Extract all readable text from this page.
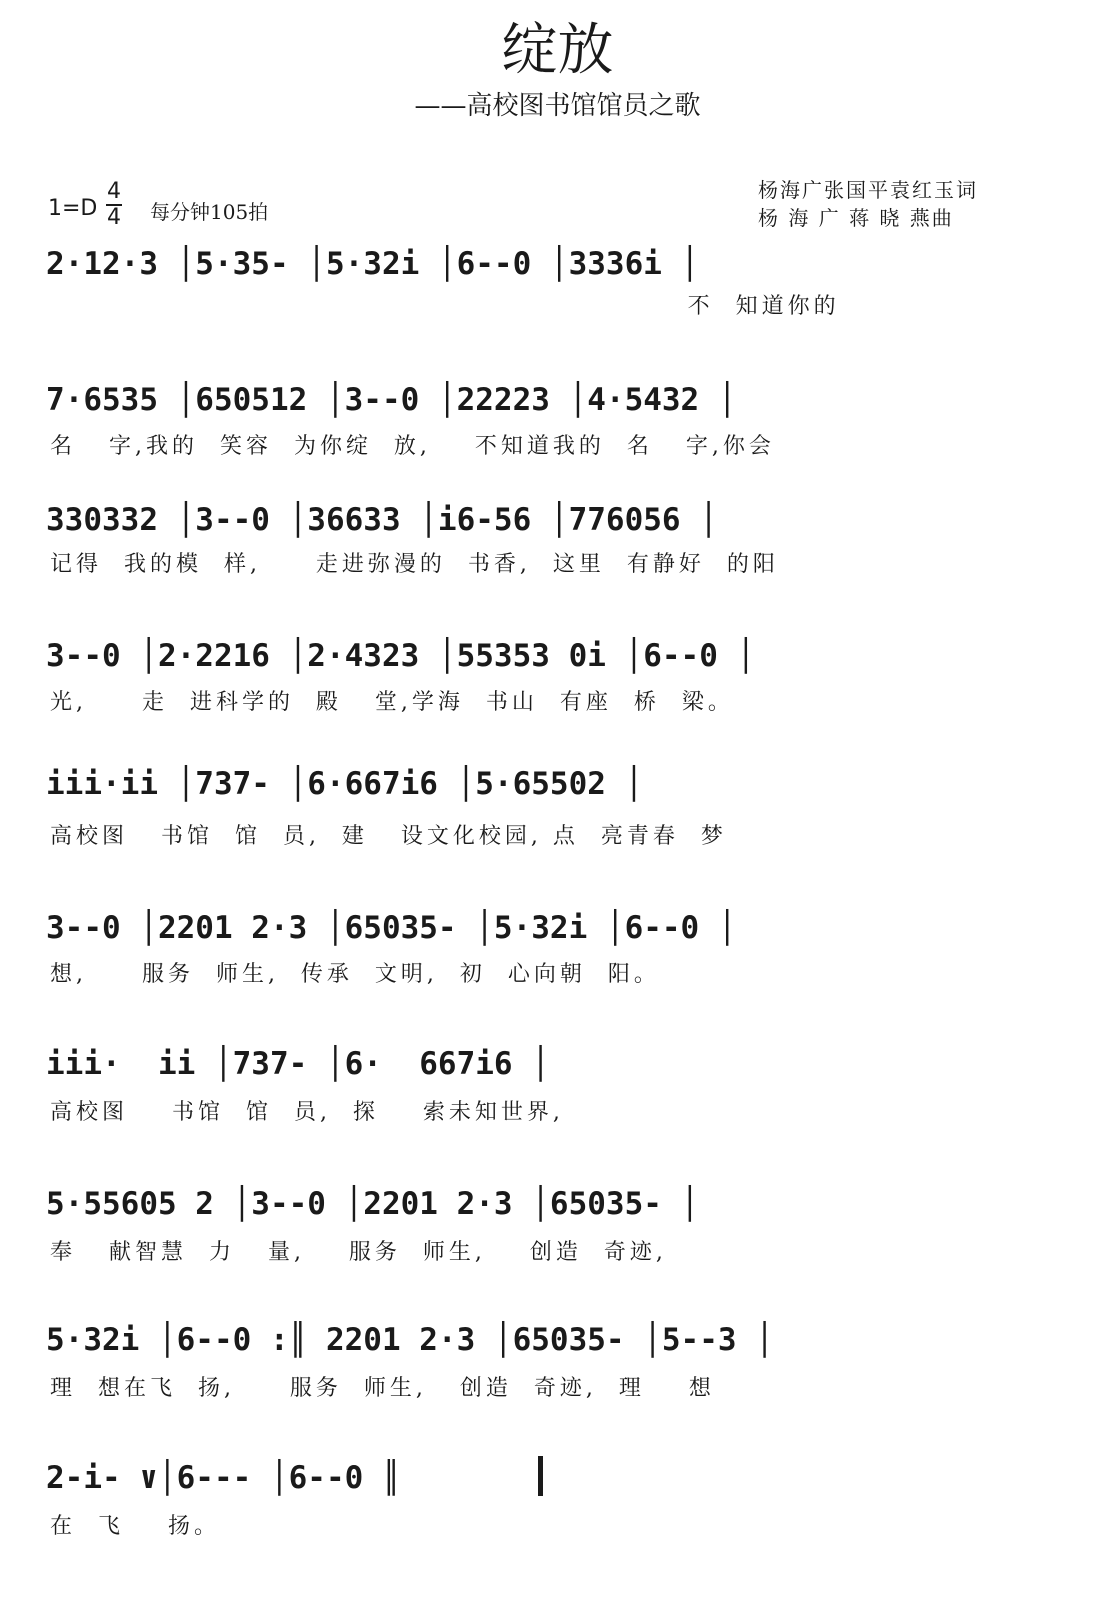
绽放
——高校图书馆馆员之歌
1=D
4
4 每分钟105拍
杨海广张国平袁红玉词
杨 海 广 蒋 晓 燕曲
2·12·3 │5·35- │5·32i │6--0 │3336i │
不  知道你的
7·6535 │650512 │3--0 │22223 │4·5432 │
名   字,我的  笑容  为你绽  放,    不知道我的  名   字,你会
330332 │3--0 │36633 │i6-56 │776056 │
记得  我的模  样,     走进弥漫的  书香,  这里  有静好  的阳
3--0 │2·2216 │2·4323 │55353 0i │6--0 │
光,     走  进科学的  殿   堂,学海  书山  有座  桥  梁。
iii·ii │737- │6·667i6 │5·65502 │
高校图   书馆  馆  员,  建   设文化校园, 点  亮青春  梦
3--0 │2201 2·3 │65035- │5·32i │6--0 │
想,     服务  师生,  传承  文明,  初  心向朝  阳。
iii·  ii │737- │6·  667i6 │
高校图    书馆  馆  员,  探    索未知世界,
5·55605 2 │3--0 │2201 2·3 │65035- │
奉   献智慧  力   量,    服务  师生,    创造  奇迹,
5·32i │6--0 :║ 2201 2·3 │65035- │5--3 │
理  想在飞  扬,     服务  师生,   创造  奇迹,  理    想
2-i- ∨│6--- │6--0 ║
在  飞    扬。
